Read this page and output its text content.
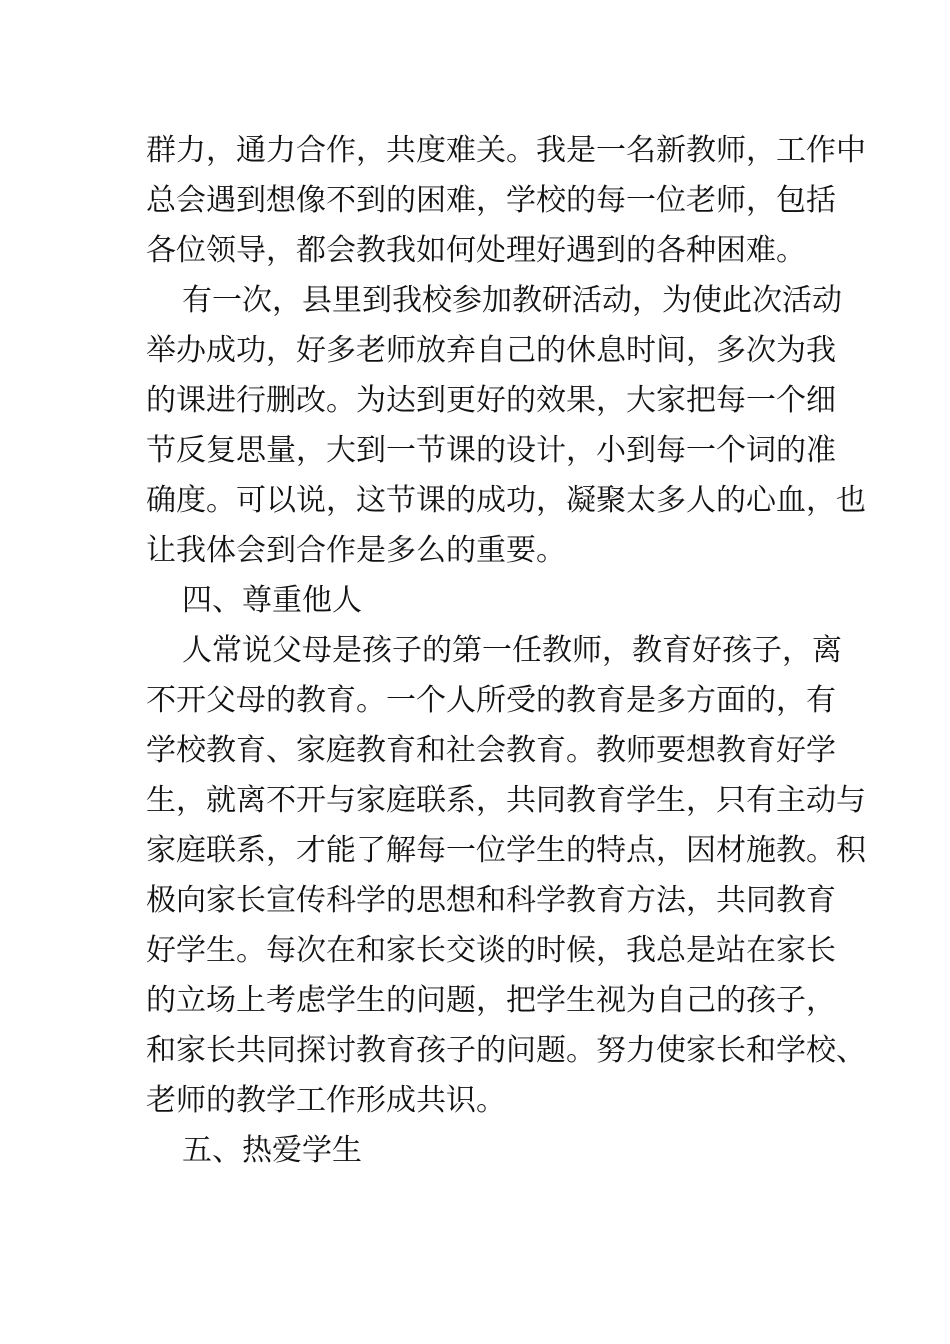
群力，通力合作，共度难关。我是一名新教师，工作中
总会遇到想像不到的困难，学校的每一位老师，包括
各位领导，都会教我如何处理好遇到的各种困难。
有一次，县里到我校参加教研活动，为使此次活动
举办成功，好多老师放弃自己的休息时间，多次为我
的课进行删改。为达到更好的效果，大家把每一个细
节反复思量，大到一节课的设计，小到每一个词的准
确度。可以说，这节课的成功，凝聚太多人的心血，也
让我体会到合作是多么的重要。
四、尊重他人
人常说父母是孩子的第一任教师，教育好孩子，离
不开父母的教育。一个人所受的教育是多方面的，有
学校教育、家庭教育和社会教育。教师要想教育好学
生，就离不开与家庭联系，共同教育学生，只有主动与
家庭联系，才能了解每一位学生的特点，因材施教。积
极向家长宣传科学的思想和科学教育方法，共同教育
好学生。每次在和家长交谈的时候，我总是站在家长
的立场上考虑学生的问题，把学生视为自己的孩子，
和家长共同探讨教育孩子的问题。努力使家长和学校、
老师的教学工作形成共识。
五、热爱学生
